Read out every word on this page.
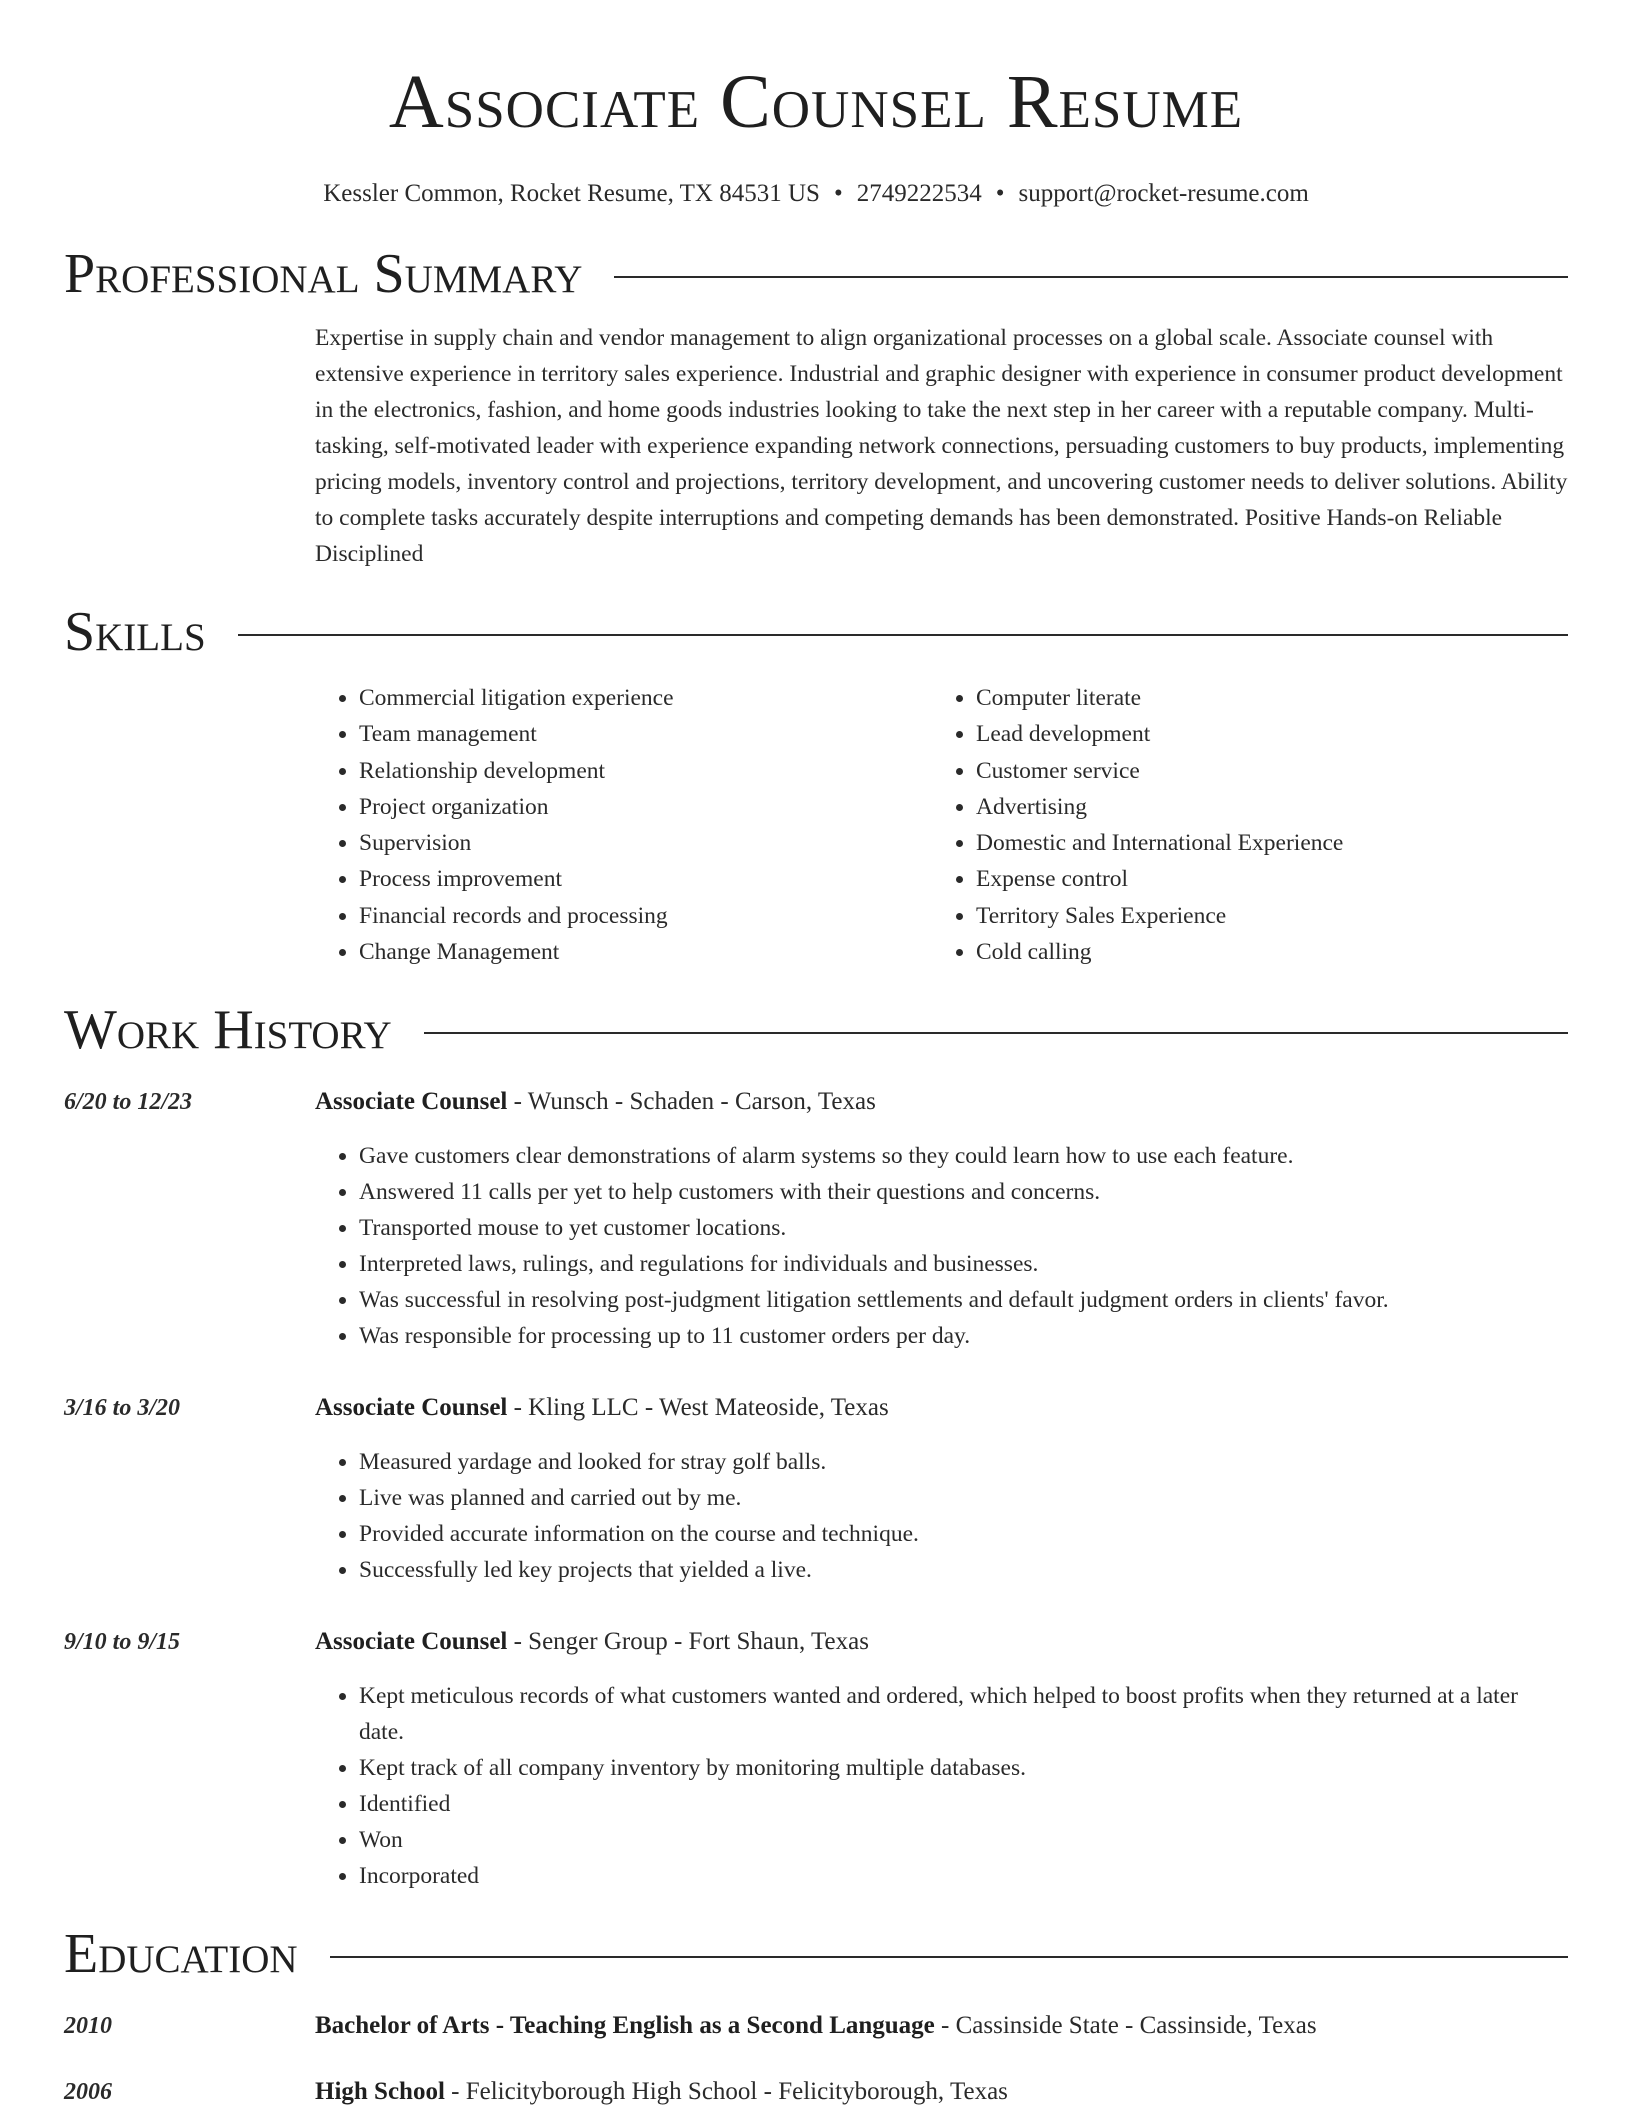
Associate Counsel Resume
Kessler Common, Rocket Resume, TX 84531 US • 2749222534 • support@rocket-resume.com
Professional Summary
Expertise in supply chain and vendor management to align organizational processes on a global scale. Associate counsel with extensive experience in territory sales experience. Industrial and graphic designer with experience in consumer product development in the electronics, fashion, and home goods industries looking to take the next step in her career with a reputable company. Multi-tasking, self-motivated leader with experience expanding network connections, persuading customers to buy products, implementing pricing models, inventory control and projections, territory development, and uncovering customer needs to deliver solutions. Ability to complete tasks accurately despite interruptions and competing demands has been demonstrated. Positive Hands-on Reliable Disciplined
Skills
• Commercial litigation experience
• Team management
• Relationship development
• Project organization
• Supervision
• Process improvement
• Financial records and processing
• Change Management
• Computer literate
• Lead development
• Customer service
• Advertising
• Domestic and International Experience
• Expense control
• Territory Sales Experience
• Cold calling
Work History
6/20 to 12/23	Associate Counsel - Wunsch - Schaden - Carson, Texas
• Gave customers clear demonstrations of alarm systems so they could learn how to use each feature.
• Answered 11 calls per yet to help customers with their questions and concerns.
• Transported mouse to yet customer locations.
• Interpreted laws, rulings, and regulations for individuals and businesses.
• Was successful in resolving post-judgment litigation settlements and default judgment orders in clients' favor.
• Was responsible for processing up to 11 customer orders per day.
3/16 to 3/20	Associate Counsel - Kling LLC - West Mateoside, Texas
• Measured yardage and looked for stray golf balls.
• Live was planned and carried out by me.
• Provided accurate information on the course and technique.
• Successfully led key projects that yielded a live.
9/10 to 9/15	Associate Counsel - Senger Group - Fort Shaun, Texas
• Kept meticulous records of what customers wanted and ordered, which helped to boost profits when they returned at a later date.
• Kept track of all company inventory by monitoring multiple databases.
• Identified
• Won
• Incorporated
Education
2010	Bachelor of Arts - Teaching English as a Second Language - Cassinside State - Cassinside, Texas
2006	High School - Felicityborough High School - Felicityborough, Texas
